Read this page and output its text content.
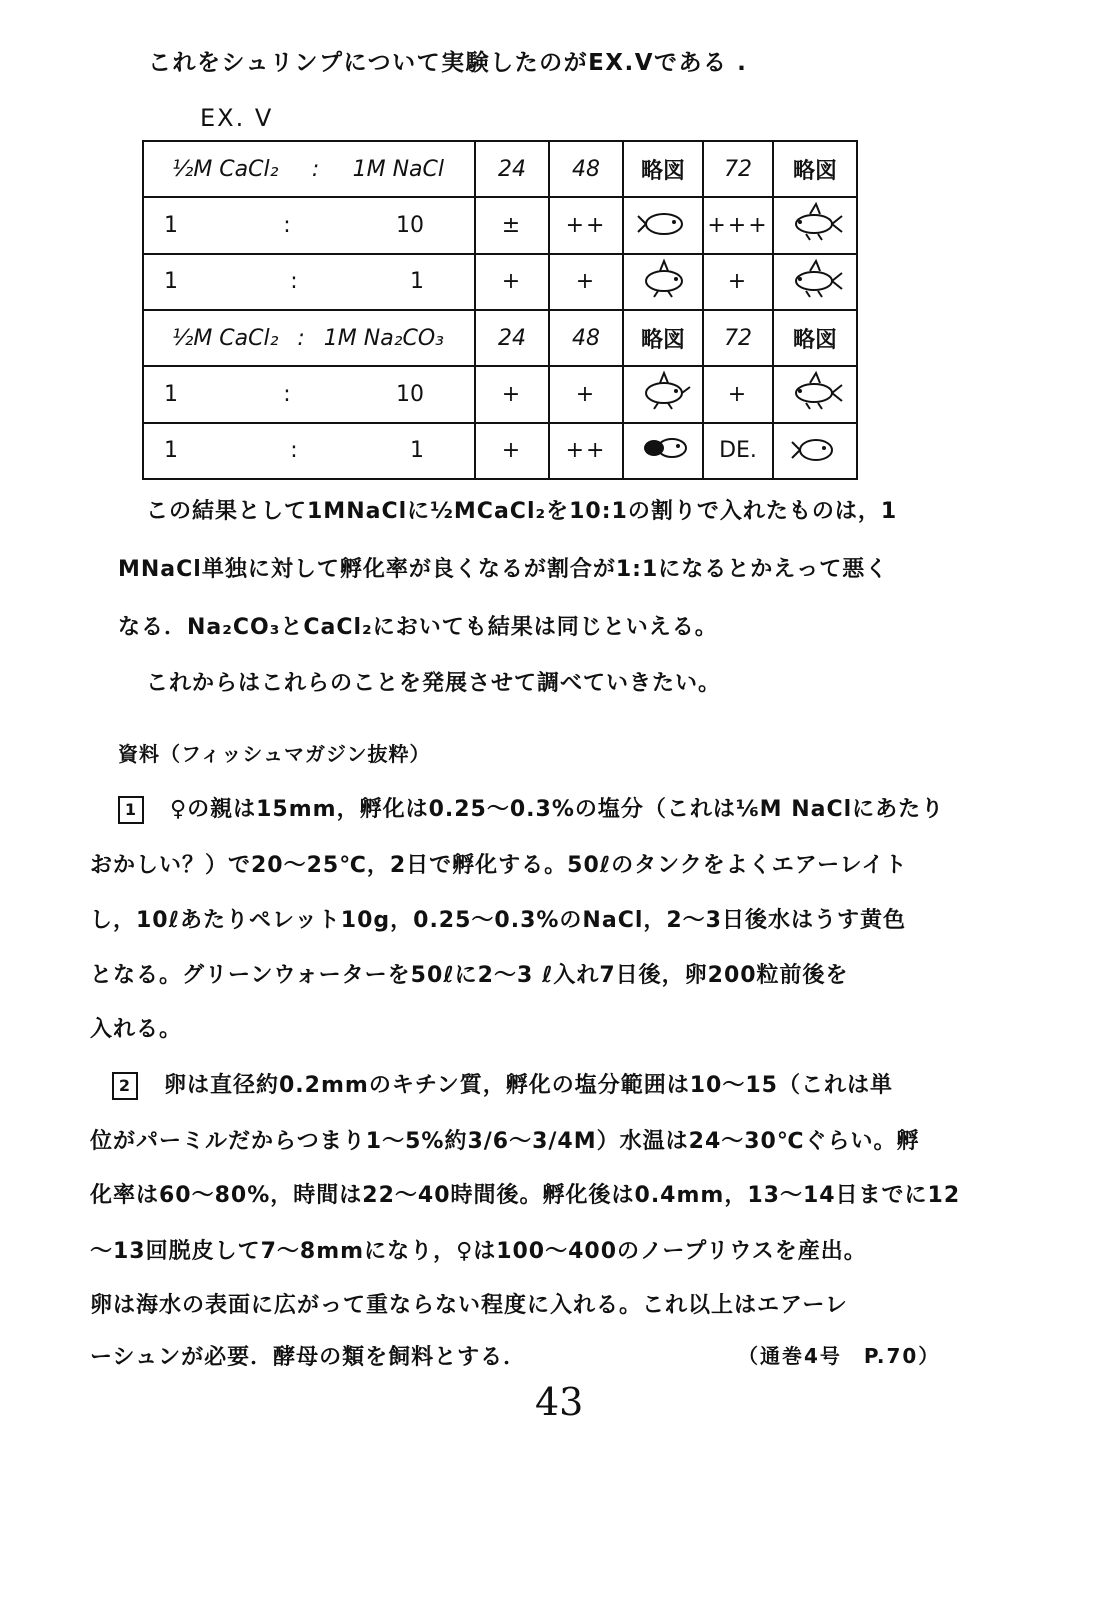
これをシュリンプについて実験したのがEX.Ⅴである .
EX. Ⅴ
½M CaCl₂ : 1M NaCl	24	48	略図	72	略図

1 : 10	±	++		+++	

1 : 1	+	+		+	

½M CaCl₂ : 1M Na₂CO₃	24	48	略図	72	略図

1 : 10	+	+		+	

1 : 1	+	++		DE.	
この結果として1MNaClに½MCaCl₂を10:1の割りで入れたものは，1
MNaCl単独に対して孵化率が良くなるが割合が1:1になるとかえって悪く
なる．Na₂CO₃とCaCl₂においても結果は同じといえる。
これからはこれらのことを発展させて調べていきたい。
資料（フィッシュマガジン抜粋）
1 ♀の親は15mm，孵化は0.25～0.3%の塩分（これは⅙M NaClにあたり
おかしい？）で20～25℃，2日で孵化する。50ℓのタンクをよくエアーレイト
し，10ℓあたりペレット10g，0.25～0.3%のNaCl，2～3日後水はうす黄色
となる。グリーンウォーターを50ℓに2～3 ℓ入れ7日後，卵200粒前後を
入れる。
2 卵は直径約0.2mmのキチン質，孵化の塩分範囲は10～15（これは単
位がパーミルだからつまり1～5%約3/6～3/4M）水温は24～30℃ぐらい。孵
化率は60～80%，時間は22～40時間後。孵化後は0.4mm，13～14日までに12
～13回脱皮して7～8mmになり，♀は100～400のノープリウスを産出。
卵は海水の表面に広がって重ならない程度に入れる。これ以上はエアーレ
ーシュンが必要．酵母の類を飼料とする．	（通巻4号　P.70）
43
